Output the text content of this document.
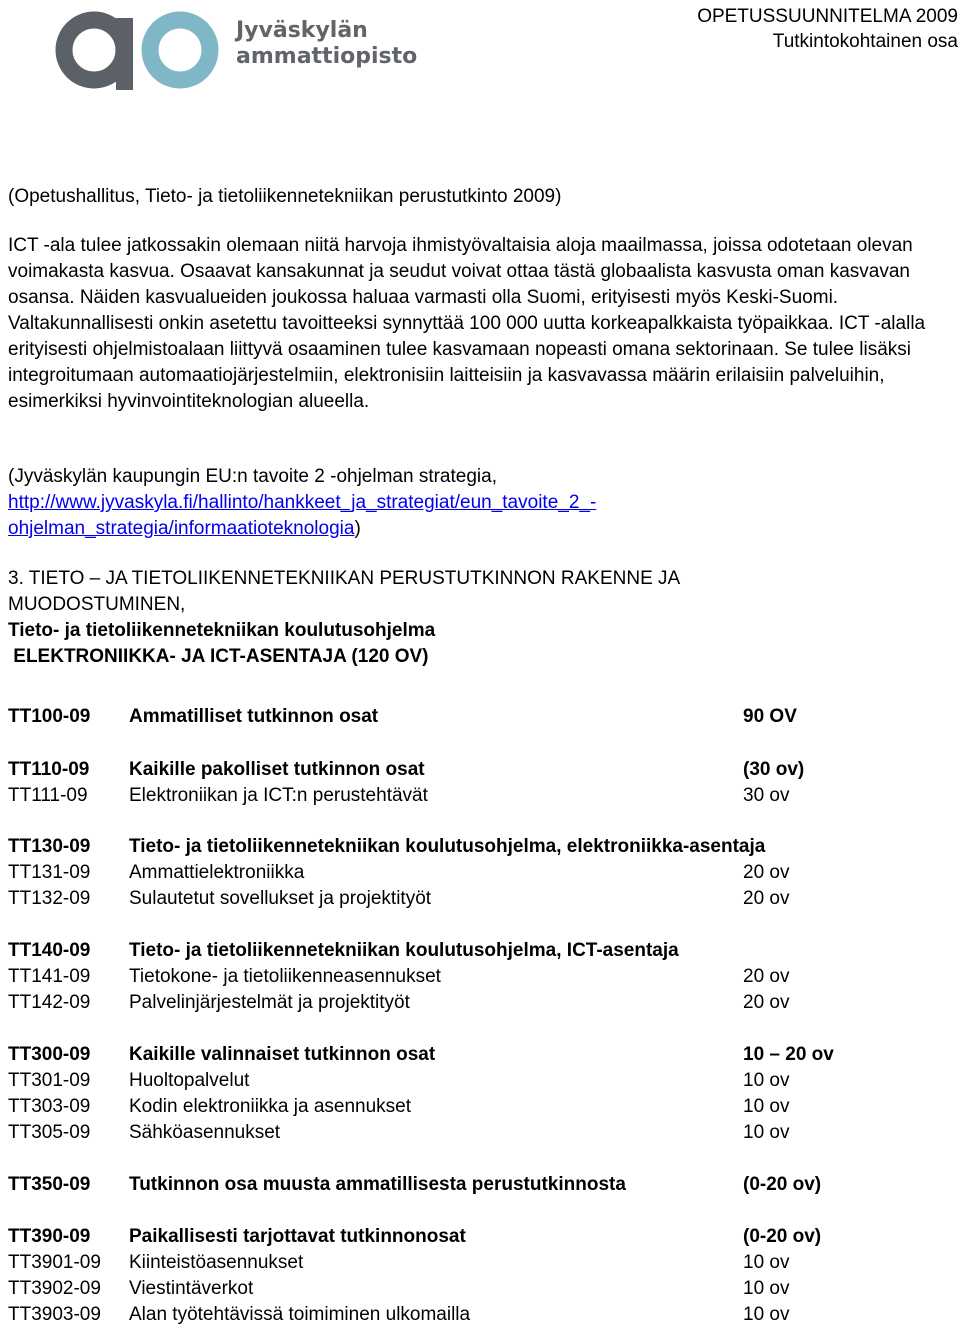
Jyväskylän
ammattiopisto
OPETUSSUUNNITELMA 2009
Tutkintokohtainen osa

(Opetushallitus, Tieto- ja tietoliikennetekniikan perustutkinto 2009)

ICT -ala tulee jatkossakin olemaan niitä harvoja ihmistyövaltaisia aloja maailmassa, joissa odotetaan olevan voimakasta kasvua. Osaavat kansakunnat ja seudut voivat ottaa tästä globaalista kasvusta oman kasvavan osansa. Näiden kasvualueiden joukossa haluaa varmasti olla Suomi, erityisesti myös Keski-Suomi. Valtakunnallisesti onkin asetettu tavoitteeksi synnyttää 100 000 uutta korkeapalkkaista työpaikkaa. ICT -alalla erityisesti ohjelmistoalaan liittyvä osaaminen tulee kasvamaan nopeasti omana sektorinaan. Se tulee lisäksi integroitumaan automaatiojärjestelmiin, elektronisiin laitteisiin ja kasvavassa määrin erilaisiin palveluihin, esimerkiksi hyvinvointiteknologian alueella.

(Jyväskylän kaupungin EU:n tavoite 2 -ohjelman strategia,
http://www.jyvaskyla.fi/hallinto/hankkeet_ja_strategiat/eun_tavoite_2_-
ohjelman_strategia/informaatioteknologia)

3. TIETO – JA TIETOLIIKENNETEKNIIKAN PERUSTUTKINNON RAKENNE JA
MUODOSTUMINEN,
Tieto- ja tietoliikennetekniikan koulutusohjelma
ELEKTRONIIKKA- JA ICT-ASENTAJA (120 OV)
TT100-09 Ammatilliset tutkinnon osat	90 OV
TT110-09 Kaikille pakolliset tutkinnon osat	(30 ov)
TT111-09 Elektroniikan ja ICT:n perustehtävät	30 ov
TT130-09 Tieto- ja tietoliikennetekniikan koulutusohjelma, elektroniikka-asentaja
TT131-09 Ammattielektroniikka	20 ov
TT132-09 Sulautetut sovellukset ja projektityöt	20 ov
TT140-09 Tieto- ja tietoliikennetekniikan koulutusohjelma, ICT-asentaja
TT141-09 Tietokone- ja tietoliikenneasennukset	20 ov
TT142-09 Palvelinjärjestelmät ja projektityöt	20 ov
TT300-09 Kaikille valinnaiset tutkinnon osat	10 – 20 ov
TT301-09 Huoltopalvelut	10 ov
TT303-09 Kodin elektroniikka ja asennukset	10 ov
TT305-09 Sähköasennukset	10 ov
TT350-09 Tutkinnon osa muusta ammatillisesta perustutkinnosta	(0-20 ov)
TT390-09 Paikallisesti tarjottavat tutkinnonosat	(0-20 ov)
TT3901-09 Kiinteistöasennukset	10 ov
TT3902-09 Viestintäverkot	10 ov
TT3903-09 Alan työtehtävissä toimiminen ulkomailla	10 ov
